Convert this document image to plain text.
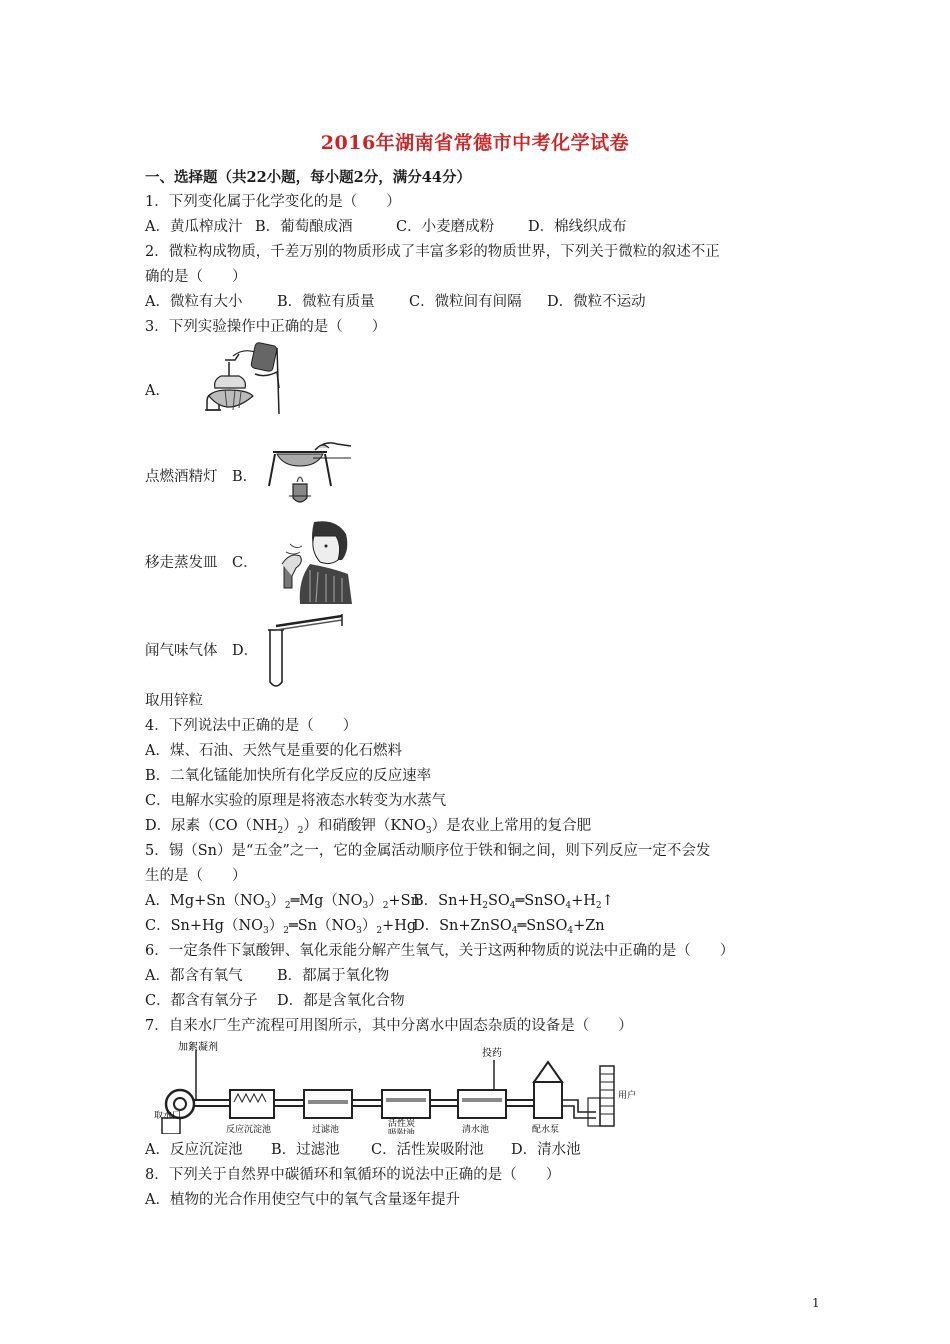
2016年湖南省常德市中考化学试卷
一、选择题（共22小题，每小题2分，满分44分）
1．下列变化属于化学变化的是（　　）
A．黄瓜榨成汁 B．葡萄酿成酒	C．小麦磨成粉 D．棉线织成布
2．微粒构成物质，千差万别的物质形成了丰富多彩的物质世界，下列关于微粒的叙述不正
确的是（　　）
A．微粒有大小 B．微粒有质量 C．微粒间有间隔 D．微粒不运动
3．下列实验操作中正确的是（　　）
A．
点燃酒精灯　B．
移走蒸发皿　C．
闻气味气体　D．
取用锌粒
4．下列说法中正确的是（　　）
A．煤、石油、天然气是重要的化石燃料
B．二氧化锰能加快所有化学反应的反应速率
C．电解水实验的原理是将液态水转变为水蒸气
D．尿素$(CO(NH_2)_2)$和硝酸钾$(KNO_3)$是农业上常用的复合肥
5．锡（Sn）是“五金”之一，它的金属活动顺序位于铁和铜之间，则下列反应一定不会发
生的是（　　）
A．$Mg+Sn(NO_3)_2═Mg(NO_3)_2+SnB$．$Sn+H_2SO_4═SnSO_4+H_2↑$
C．$Sn+Hg(NO_3)_2═Sn(NO_3)_2+HgD$．Sn+ZnSO$_4$═SnSO$_4$+Zn
6．一定条件下氯酸钾、氧化汞能分解产生氧气，关于这两种物质的说法中正确的是（　　）
A．都含有氧气 B．都属于氧化物
C．都含有氧分子 D．都是含氧化合物
7．自来水厂生产流程可用图所示，其中分离水中固态杂质的设备是（　　）
取水口
加絮凝剂
反应沉淀池	过滤池
活性炭
吸附池	清水池
投药
配水泵
用户
A．反应沉淀池 B．过滤池 C．活性炭吸附池 D．清水池
8．下列关于自然界中碳循环和氧循环的说法中正确的是（　　）
A．植物的光合作用使空气中的氧气含量逐年提升
1
